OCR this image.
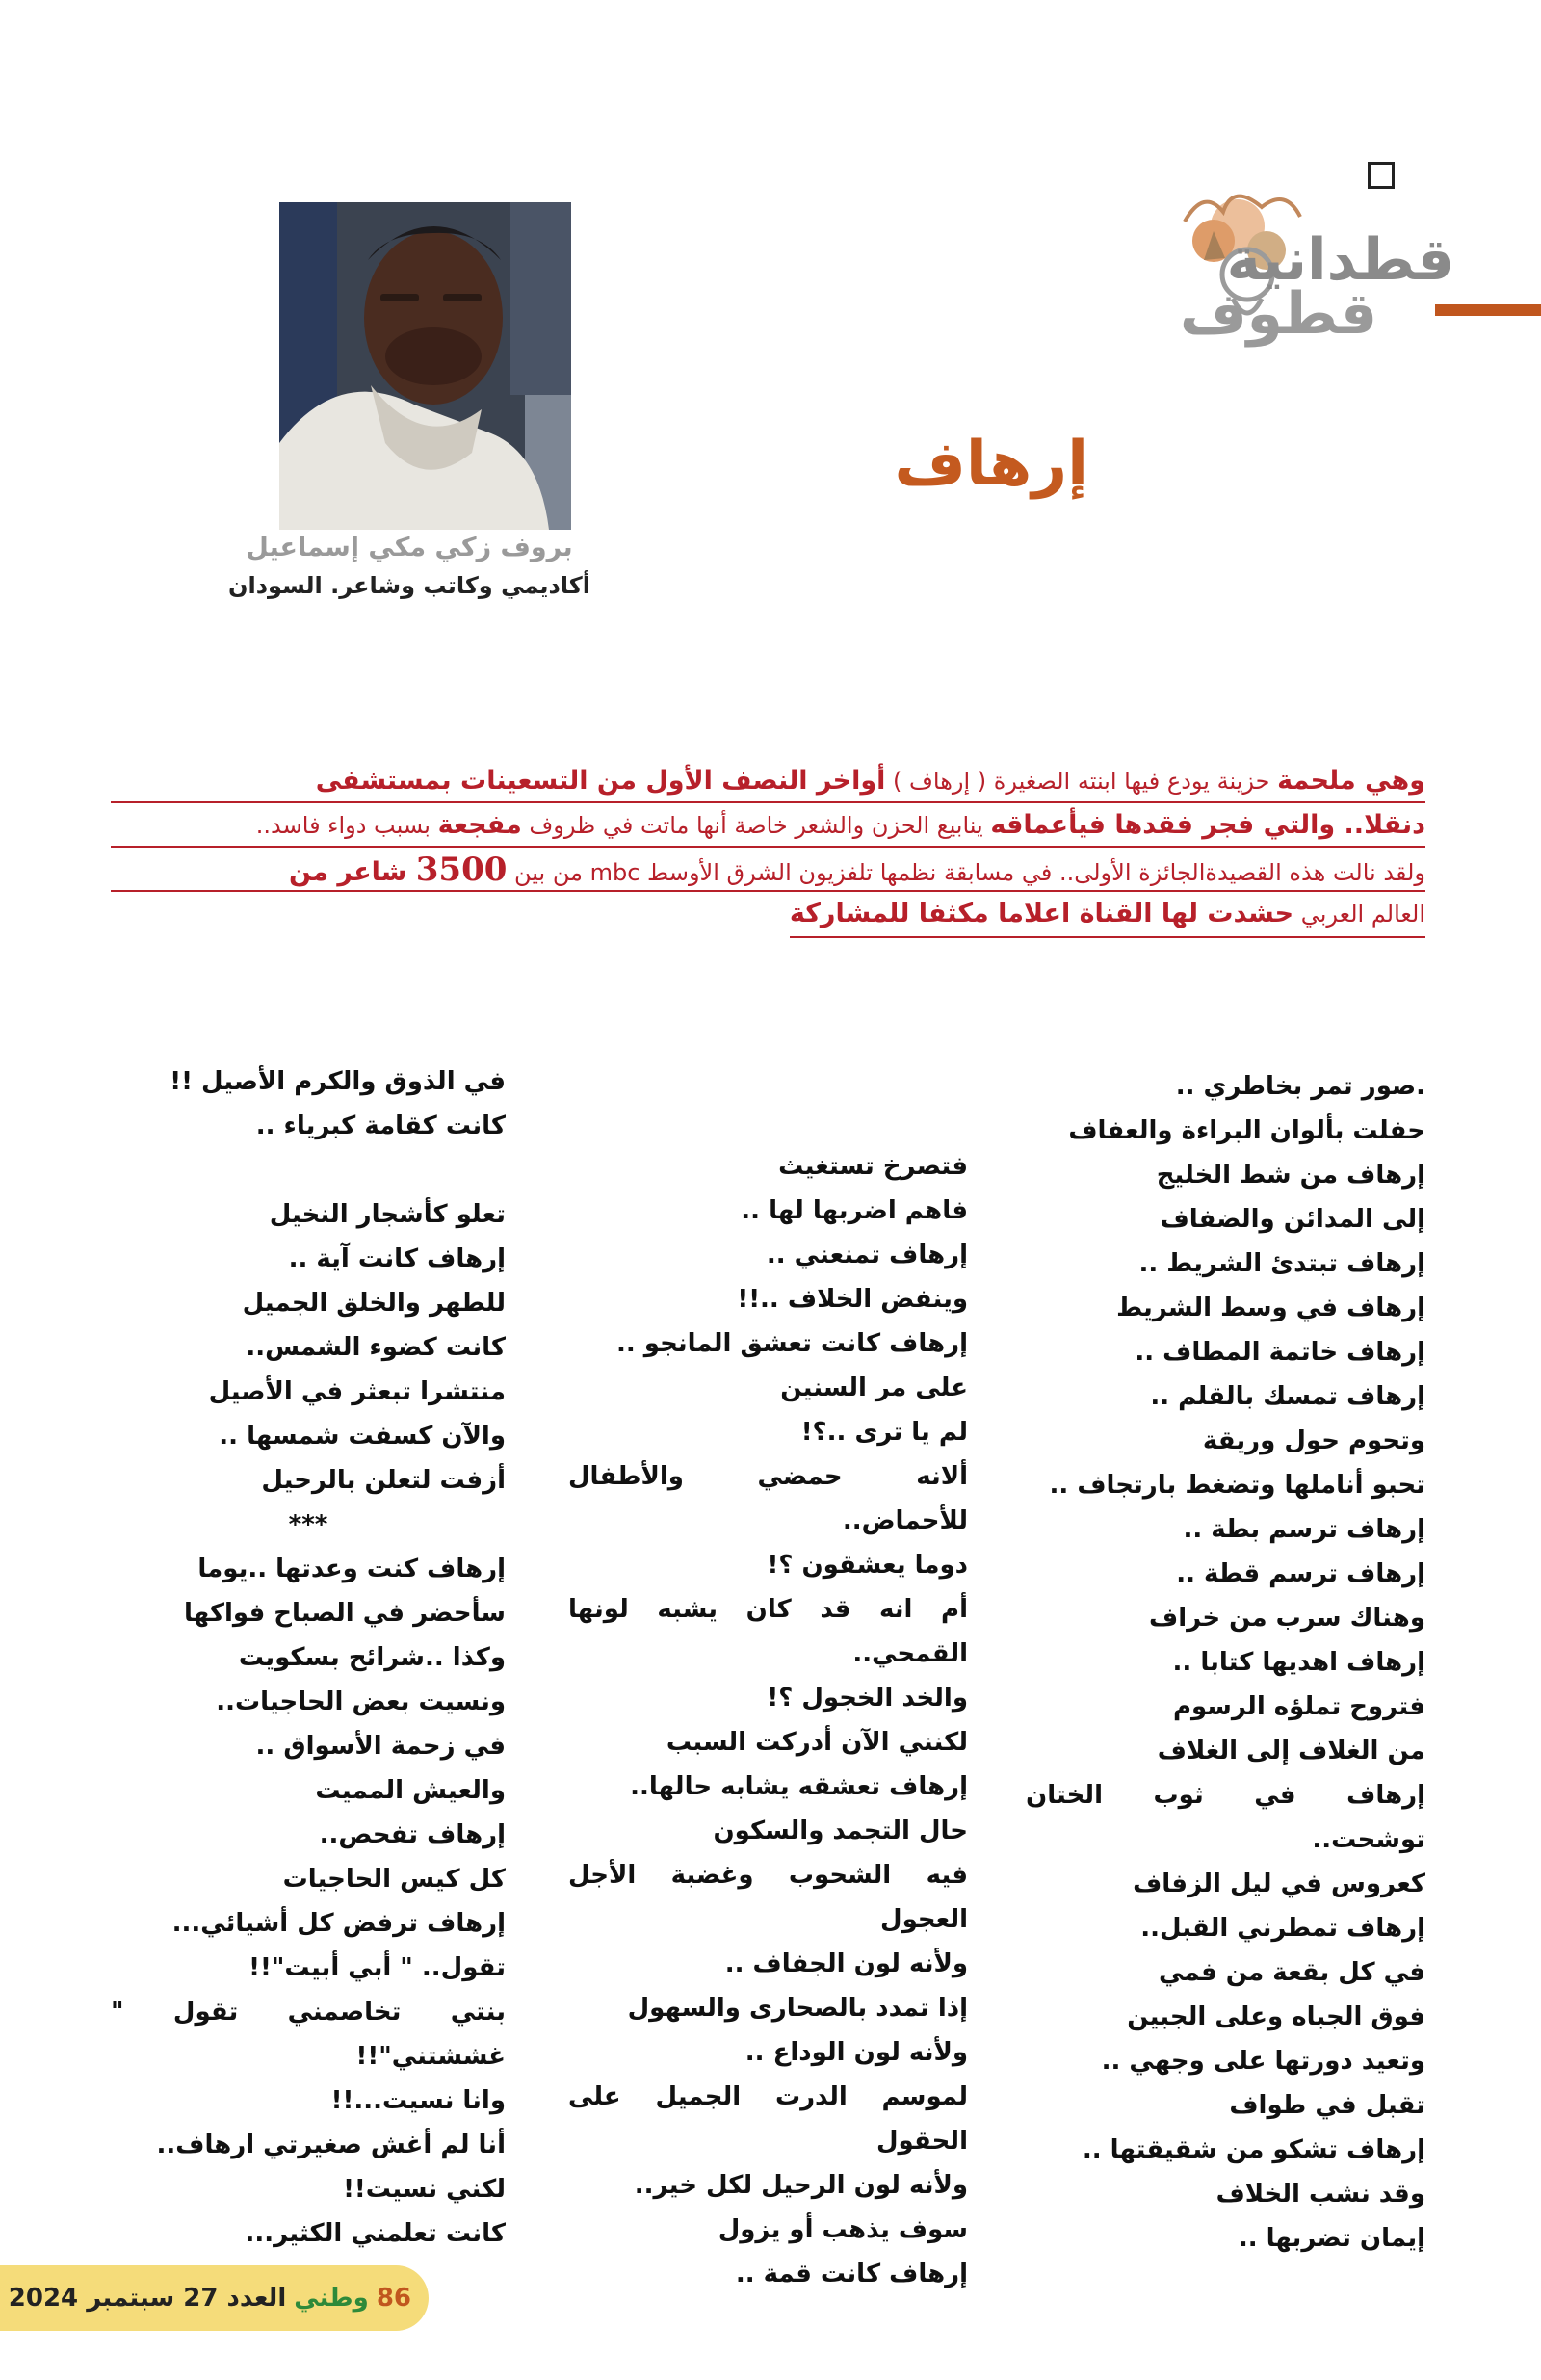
قطدانية
قطوف
بروف زكي مكي إسماعيل
أكاديمي وكاتب وشاعر. السودان
إرهاف
وهي ملحمة حزينة يودع فيها ابنته الصغيرة ( إرهاف ) أواخر النصف الأول من التسعينات بمستشفى
دنقلا.. والتي فجر فقدها فيأعماقه ينابيع الحزن والشعر خاصة أنها ماتت في ظروف مفجعة بسبب دواء فاسد..
ولقد نالت هذه القصيدةالجائزة الأولى.. في مسابقة نظمها تلفزيون الشرق الأوسط mbc من بين 3500 شاعر من
العالم العربي حشدت لها القناة اعلاما مكثفا للمشاركة
.صور تمر بخاطري ..
حفلت بألوان البراءة والعفاف
إرهاف من شط الخليج
إلى المدائن والضفاف
إرهاف تبتدئ الشريط ..
إرهاف في وسط الشريط
إرهاف خاتمة المطاف ..
إرهاف تمسك بالقلم ..
وتحوم حول وريقة
تحبو أناملها وتضغط بارتجاف ..
إرهاف ترسم بطة ..
إرهاف ترسم قطة ..
وهناك سرب من خراف
إرهاف اهديها كتابا ..
فتروح تملؤه الرسوم
من الغلاف إلى الغلاف
إرهاف
في
ثوب
الختان
توشحت..
كعروس في ليل الزفاف
إرهاف تمطرني القبل..
في كل بقعة من فمي
فوق الجباه وعلى الجبين
وتعيد دورتها على وجهي ..
تقبل في طواف
إرهاف تشكو من شقيقتها ..
وقد نشب الخلاف
إيمان تضربها ..
فتصرخ تستغيث
فاهم اضربها لها ..
إرهاف تمنعني ..
وينفض الخلاف ..!!
إرهاف كانت تعشق المانجو ..
على مر السنين
لم يا ترى ..؟!
ألانه
حمضي
والأطفال
للأحماض..
دوما يعشقون ؟!
أم
انه
قد
كان
يشبه
لونها
القمحي..
والخد الخجول ؟!
لكنني الآن أدركت السبب
إرهاف تعشقه يشابه حالها..
حال التجمد والسكون
فيه
الشحوب
وغضبة
الأجل
العجول
ولأنه لون الجفاف ..
إذا تمدد بالصحارى والسهول
ولأنه لون الوداع ..
لموسم
الدرت
الجميل
على
الحقول
ولأنه لون الرحيل لكل خير..
سوف يذهب أو يزول
إرهاف كانت قمة ..
في الذوق والكرم الأصيل !!
كانت كقامة كبرياء ..
تعلو كأشجار النخيل
إرهاف كانت آية ..
للطهر والخلق الجميل
كانت كضوء الشمس..
منتشرا تبعثر في الأصيل
والآن كسفت شمسها ..
أزفت لتعلن بالرحيل
***
إرهاف كنت وعدتها ..يوما
سأحضر في الصباح فواكها
وكذا ..شرائح بسكويت
ونسيت بعض الحاجيات..
في زحمة الأسواق ..
والعيش المميت
إرهاف تفحص..
كل كيس الحاجيات
إرهاف ترفض كل أشيائي...
تقول.. " أبي أبيت"!!
بنتي
تخاصمني
تقول
"
غششتني"!!
وانا نسيت...!!
أنا لم أغش صغيرتي ارهاف..
لكني نسيت!!
كانت تعلمني الكثير...
العدد 27 سبتمبر 2024 وطني 86
